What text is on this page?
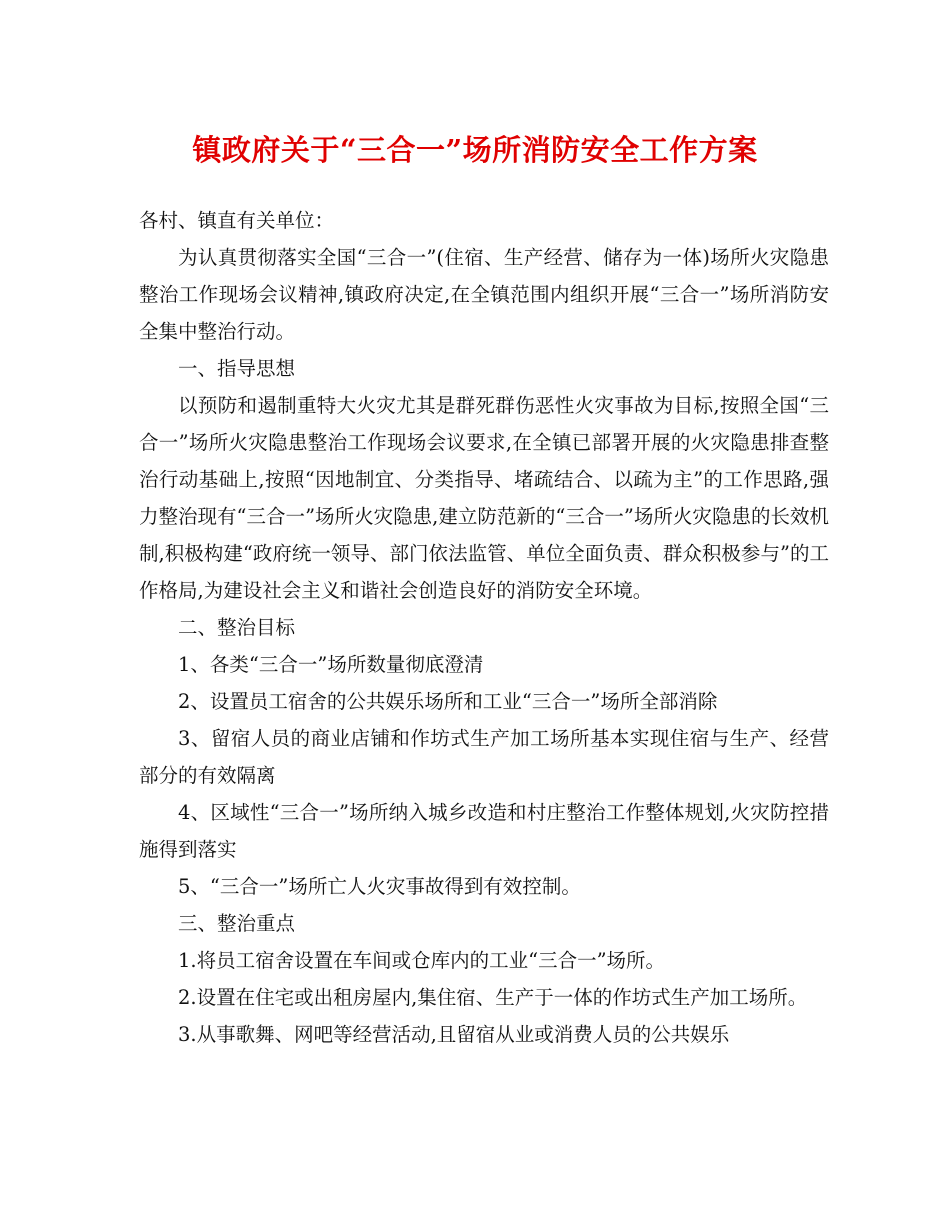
镇政府关于“三合一”场所消防安全工作方案

各村、镇直有关单位：

为认真贯彻落实全国“三合一”(住宿、生产经营、储存为一体)场所火灾隐患整治工作现场会议精神,镇政府决定,在全镇范围内组织开展“三合一”场所消防安全集中整治行动。

一、指导思想

以预防和遏制重特大火灾尤其是群死群伤恶性火灾事故为目标,按照全国“三合一”场所火灾隐患整治工作现场会议要求,在全镇已部署开展的火灾隐患排查整治行动基础上,按照“因地制宜、分类指导、堵疏结合、以疏为主”的工作思路,强力整治现有“三合一”场所火灾隐患,建立防范新的“三合一”场所火灾隐患的长效机制,积极构建“政府统一领导、部门依法监管、单位全面负责、群众积极参与”的工作格局,为建设社会主义和谐社会创造良好的消防安全环境。

二、整治目标

1、各类“三合一”场所数量彻底澄清

2、设置员工宿舍的公共娱乐场所和工业“三合一”场所全部消除

3、留宿人员的商业店铺和作坊式生产加工场所基本实现住宿与生产、经营部分的有效隔离

4、区域性“三合一”场所纳入城乡改造和村庄整治工作整体规划,火灾防控措施得到落实

5、“三合一”场所亡人火灾事故得到有效控制。

三、整治重点

1.将员工宿舍设置在车间或仓库内的工业“三合一”场所。

2.设置在住宅或出租房屋内,集住宿、生产于一体的作坊式生产加工场所。

3.从事歌舞、网吧等经营活动,且留宿从业或消费人员的公共娱乐
